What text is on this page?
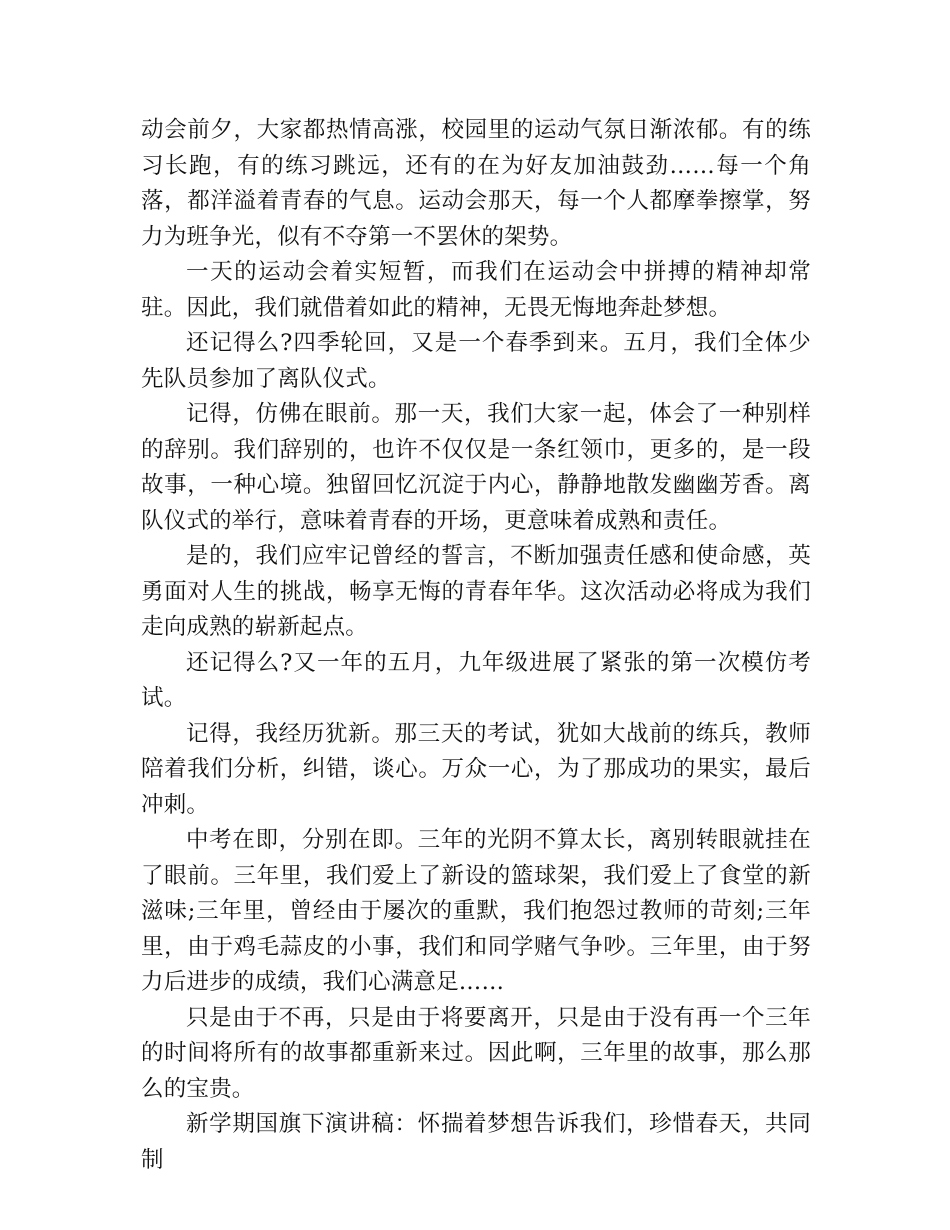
动会前夕，大家都热情高涨，校园里的运动气氛日渐浓郁。有的练习长跑，有的练习跳远，还有的在为好友加油鼓劲……每一个角落，都洋溢着青春的气息。运动会那天，每一个人都摩拳擦掌，努力为班争光，似有不夺第一不罢休的架势。

一天的运动会着实短暂，而我们在运动会中拼搏的精神却常驻。因此，我们就借着如此的精神，无畏无悔地奔赴梦想。

还记得么?四季轮回，又是一个春季到来。五月，我们全体少先队员参加了离队仪式。

记得，仿佛在眼前。那一天，我们大家一起，体会了一种别样的辞别。我们辞别的，也许不仅仅是一条红领巾，更多的，是一段故事，一种心境。独留回忆沉淀于内心，静静地散发幽幽芳香。离队仪式的举行，意味着青春的开场，更意味着成熟和责任。

是的，我们应牢记曾经的誓言，不断加强责任感和使命感，英勇面对人生的挑战，畅享无悔的青春年华。这次活动必将成为我们走向成熟的崭新起点。

还记得么?又一年的五月，九年级进展了紧张的第一次模仿考试。

记得，我经历犹新。那三天的考试，犹如大战前的练兵，教师陪着我们分析，纠错，谈心。万众一心，为了那成功的果实，最后冲刺。

中考在即，分别在即。三年的光阴不算太长，离别转眼就挂在了眼前。三年里，我们爱上了新设的篮球架，我们爱上了食堂的新滋味;三年里，曾经由于屡次的重默，我们抱怨过教师的苛刻;三年里，由于鸡毛蒜皮的小事，我们和同学赌气争吵。三年里，由于努力后进步的成绩，我们心满意足……

只是由于不再，只是由于将要离开，只是由于没有再一个三年的时间将所有的故事都重新来过。因此啊，三年里的故事，那么那么的宝贵。

新学期国旗下演讲稿：怀揣着梦想告诉我们，珍惜春天，共同制
